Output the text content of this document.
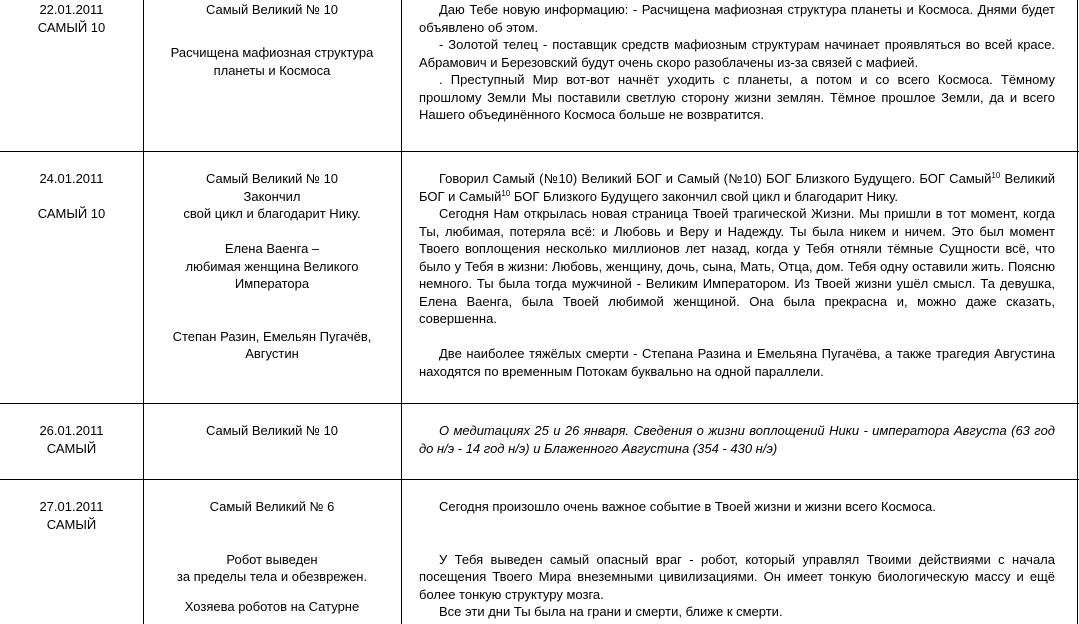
22.01.2011
САМЫЙ 10
Самый Великий № 10
Расчищена мафиозная структура
планеты и Космоса
Даю Тебе новую информацию: - Расчищена мафиозная структура планеты и Космоса. Днями будет объявлено об этом.
- Золотой телец - поставщик средств мафиозным структурам начинает проявляться во всей красе. Абрамович и Березовский будут очень скоро разоблачены из-за связей с мафией.
. Преступный Мир вот-вот начнёт уходить с планеты, а потом и со всего Космоса. Тёмному прошлому Земли Мы поставили светлую сторону жизни землян. Тёмное прошлое Земли, да и всего Нашего объединённого Космоса больше не возвратится.
24.01.2011
САМЫЙ 10
Самый Великий № 10
Закончил
свой цикл и благодарит Нику.
Елена Ваенга –
любимая женщина Великого
Императора
Степан Разин, Емельян Пугачёв,
Августин
Говорил Самый (№10) Великий БОГ и Самый (№10) БОГ Близкого Будущего. БОГ Самый$^{10}$ Великий БОГ и Самый$^{10}$ БОГ Близкого Будущего закончил свой цикл и благодарит Нику.
Сегодня Нам открылась новая страница Твоей трагической Жизни. Мы пришли в тот момент, когда Ты, любимая, потеряла всё: и Любовь и Веру и Надежду. Ты была никем и ничем. Это был момент Твоего воплощения несколько миллионов лет назад, когда у Тебя отняли тёмные Сущности всё, что было у Тебя в жизни: Любовь, женщину, дочь, сына, Мать, Отца, дом. Тебя одну оставили жить. Поясню немного. Ты была тогда мужчиной - Великим Императором. Из Твоей жизни ушёл смысл. Та девушка, Елена Ваенга, была Твоей любимой женщиной. Она была прекрасна и, можно даже сказать, совершенна.
Две наиболее тяжёлых смерти - Степана Разина и Емельяна Пугачёва, а также трагедия Августина находятся по временным Потокам буквально на одной параллели.
26.01.2011
САМЫЙ
Самый Великий № 10	О медитациях 25 и 26 января. Сведения о жизни воплощений Ники - императора Августа (63 год до н/э - 14 год н/э) и Блаженного Августина (354 - 430 н/э)
27.01.2011
САМЫЙ
Самый Великий № 6
Робот выведен
за пределы тела и обезврежен.
Хозяева роботов на Сатурне
Сегодня произошло очень важное событие в Твоей жизни и жизни всего Космоса.
У Тебя выведен самый опасный враг - робот, который управлял Твоими действиями с начала посещения Твоего Мира внеземными цивилизациями. Он имеет тонкую биологическую массу и ещё более тонкую структуру мозга.
Все эти дни Ты была на грани и смерти, ближе к смерти.
